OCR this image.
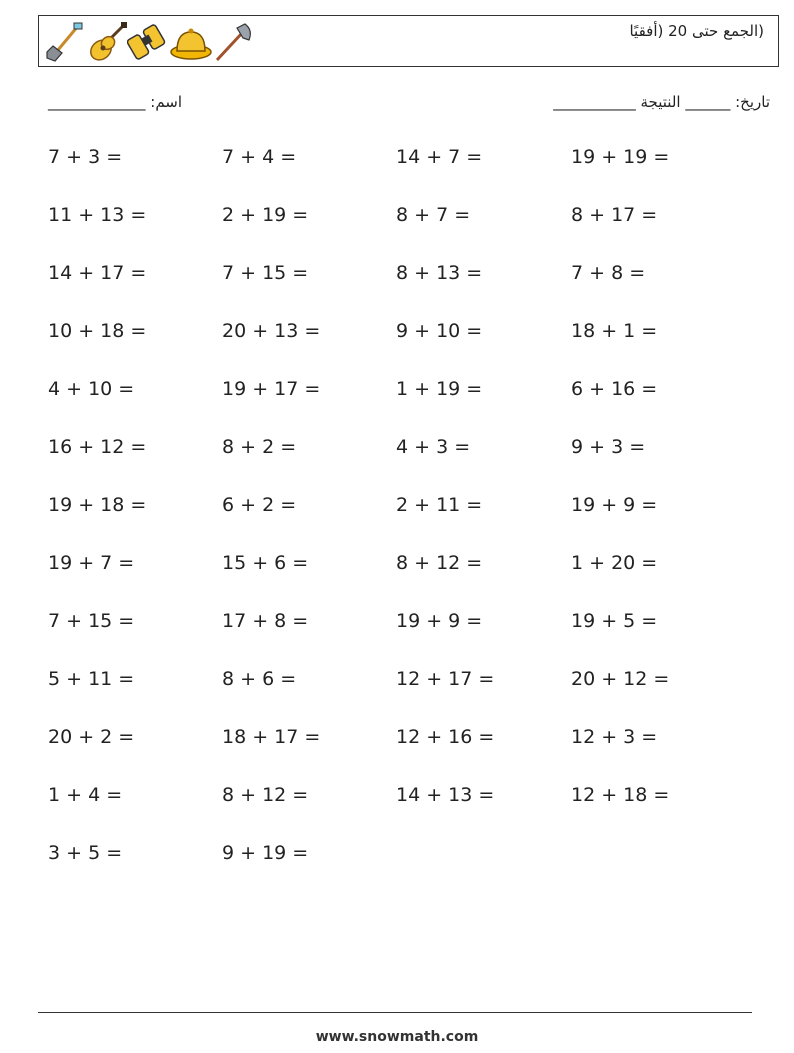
(الجمع حتى 20 (أفقيًا
اسم: _____________	تاريخ: ______ النتيجة ___________
7 + 3 =	7 + 4 =	14 + 7 =	19 + 19 =
11 + 13 =	2 + 19 =	8 + 7 =	8 + 17 =
14 + 17 =	7 + 15 =	8 + 13 =	7 + 8 =
10 + 18 =	20 + 13 =	9 + 10 =	18 + 1 =
4 + 10 =	19 + 17 =	1 + 19 =	6 + 16 =
16 + 12 =	8 + 2 =	4 + 3 =	9 + 3 =
19 + 18 =	6 + 2 =	2 + 11 =	19 + 9 =
19 + 7 =	15 + 6 =	8 + 12 =	1 + 20 =
7 + 15 =	17 + 8 =	19 + 9 =	19 + 5 =
5 + 11 =	8 + 6 =	12 + 17 =	20 + 12 =
20 + 2 =	18 + 17 =	12 + 16 =	12 + 3 =
1 + 4 =	8 + 12 =	14 + 13 =	12 + 18 =
3 + 5 =	9 + 19 =
www.snowmath.com
